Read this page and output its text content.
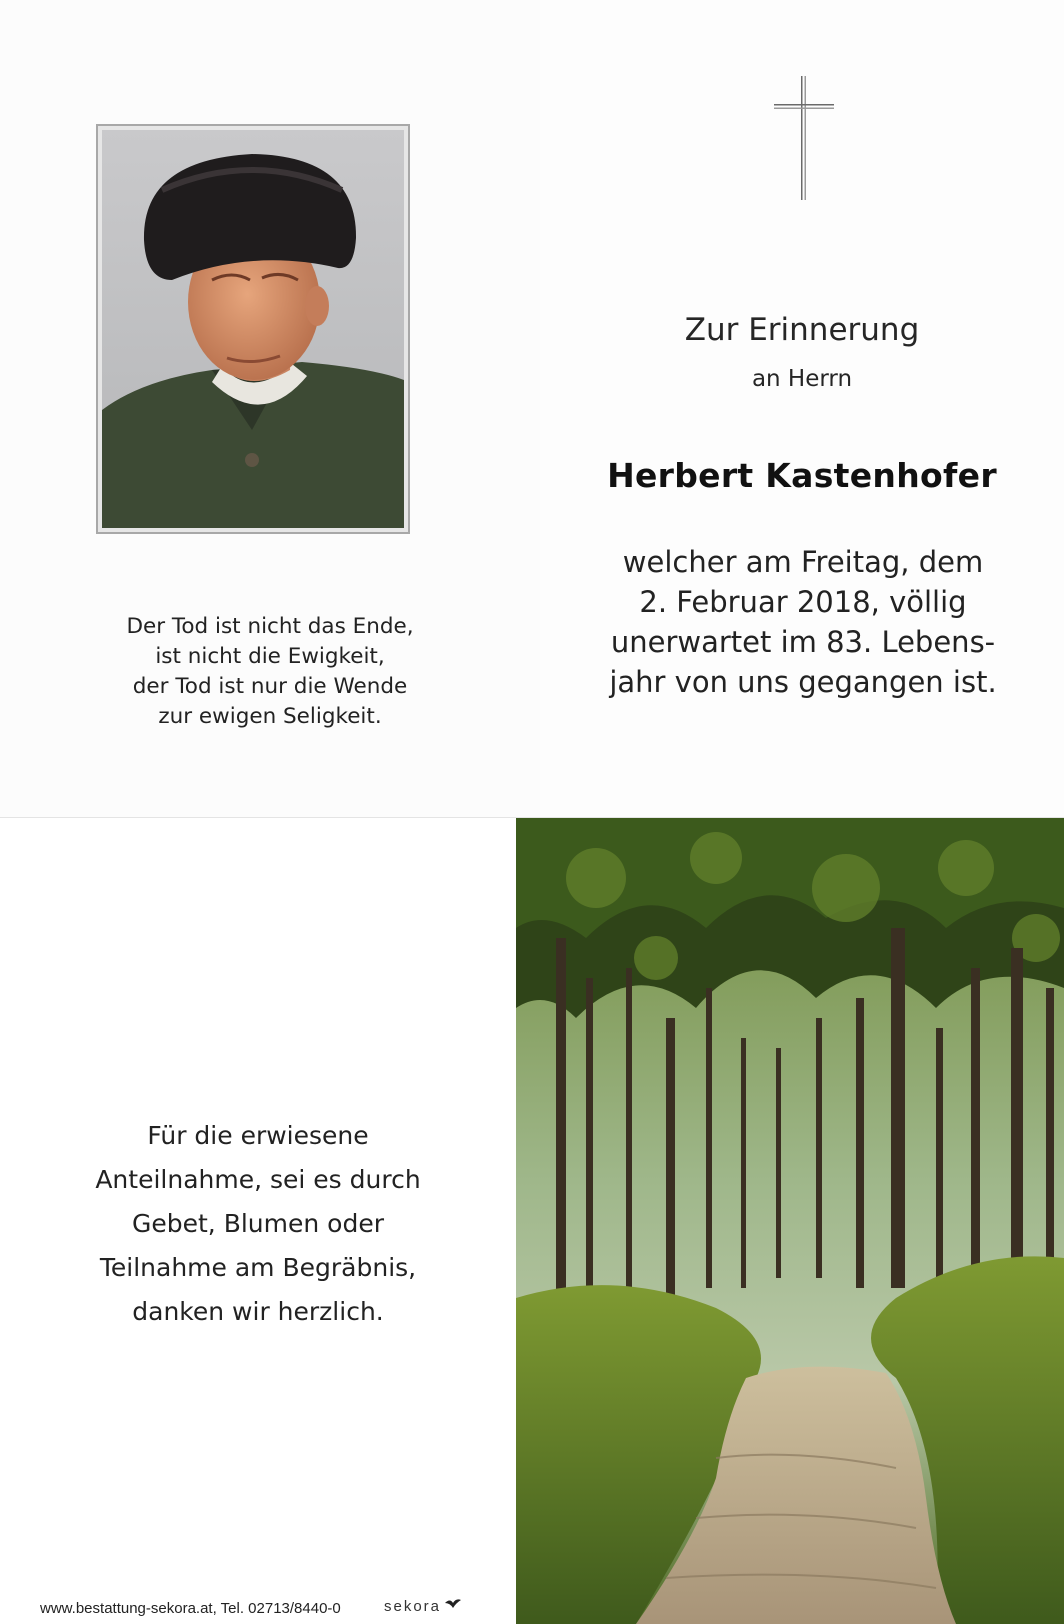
Der Tod ist nicht das Ende,
ist nicht die Ewigkeit,
der Tod ist nur die Wende
zur ewigen Seligkeit.
Zur Erinnerung
an Herrn
Herbert Kastenhofer
welcher am Freitag, dem
2. Februar 2018, völlig
unerwartet im 83. Lebens-
jahr von uns gegangen ist.
Für die erwiesene
Anteilnahme, sei es durch
Gebet, Blumen oder
Teilnahme am Begräbnis,
danken wir herzlich.
www.bestattung-sekora.at, Tel. 02713/8440-0	sekora
